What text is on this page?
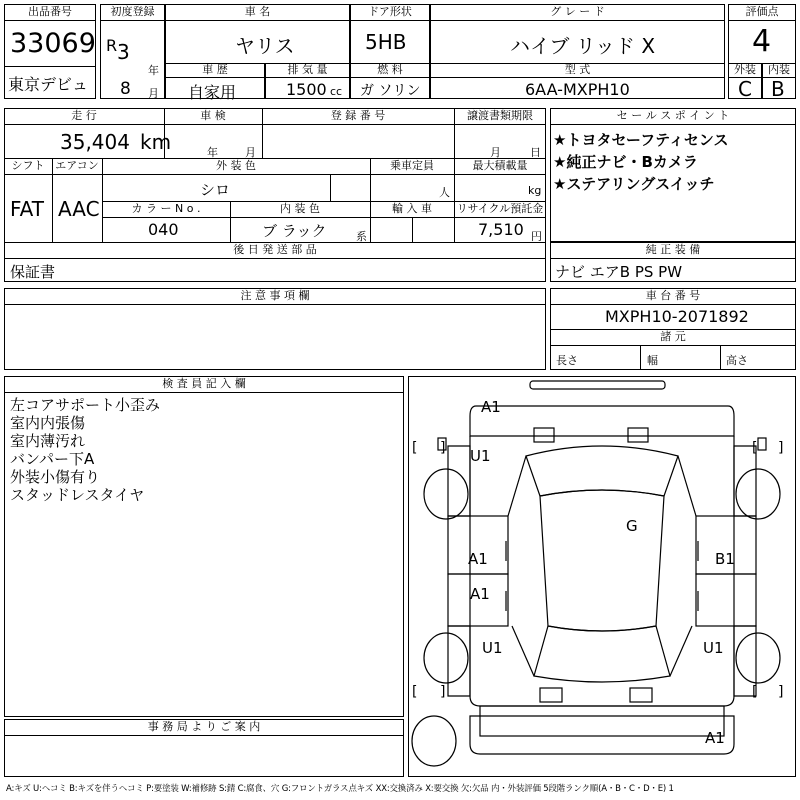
出品番号
33069
東京デビュ
初度登録
R 3
年
8 月
車 名
ヤリス
ドア形状
5HB
グ レ ー ド
ハイブ リッド X
評価点
4
車 歴
自家用
排 気 量
1500 cc
燃 料
ガ ソリン
型 式
6AA-MXPH10
外装
C
内装
B
走 行
35,404 km
車 検
年 月
登 録 番 号	譲渡書類期限
月	日
シフト
FAT
エアコン
AAC
外 装 色
シロ
乗車定員
人
最大積載量
kg
カ ラ ー N o .
040
内 装 色
ブ ラック	系
輸 入 車	リサイクル預託金
7,510 円
後 日 発 送 部 品
保証書
セ ー ル ス ポ イ ン ト
★トヨタセーフティセンス
★純正ナビ・Bカメラ
★ステアリングスイッチ
純 正 装 備
ナビ エアB PS PW
注 意 事 項 欄	車 台 番 号
MXPH10-2071892
諸 元
長さ	幅	高さ
検 査 員 記 入 欄
左コアサポート小歪み
室内内張傷
室内薄汚れ
バンパー下A
外装小傷有り
スタッドレスタイヤ
事 務 局 よ り ご 案 内
A1
U1
A1
A1
U1
G
B1
U1
A1
[ ]	[ ]
[ ]	[ ]
A:キズ U:ヘコミ B:キズを伴うヘコミ P:要塗装 W:補修跡 S:錆 C:腐食、穴 G:フロントガラス点キズ XX:交換済み X:要交換 欠:欠品 内・外装評価 5段階ランク順(A・B・C・D・E) 1
